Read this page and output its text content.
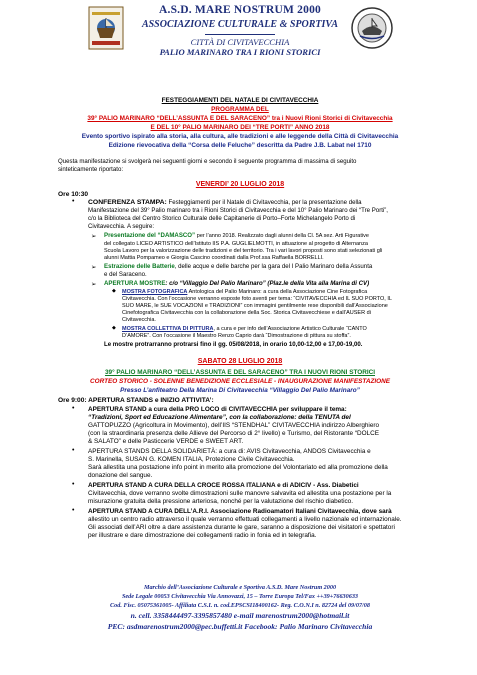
A.S.D. MARE NOSTRUM 2000
ASSOCIAZIONE CULTURALE & SPORTIVA
CITTÀ DI CIVITAVECCHIA
PALIO MARINARO TRA I RIONI STORICI
FESTEGGIAMENTI DEL NATALE DI CIVITAVECCHIA
PROGRAMMA DEL
39° PALIO MARINARO “DELL’ASSUNTA E DEL SARACENO” tra i Nuovi Rioni Storici di Civitavecchia
E DEL 10° PALIO MARINARO DEI “TRE PORTI” ANNO 2018
Evento sportivo ispirato alla storia, alla cultura, alle tradizioni e alle leggende della Città di Civitavecchia
Edizione rievocativa della “Corsa delle Feluche” descritta da Padre J.B. Labat nel 1710
Questa manifestazione si svolgerà nei seguenti giorni e secondo il seguente programma di massima di seguito
sinteticamente riportato:
VENERDI’ 20 LUGLIO 2018
Ore 10:30
• CONFERENZA STAMPA: Festeggiamenti per il Natale di Civitavecchia, per la presentazione della
Manifestazione del 39° Palio marinaro tra i Rioni Storici di Civitavecchia e del 10° Palio Marinaro dei “Tre Porti”,
c/o la Biblioteca del Centro Storico Culturale delle Capitanerie di Porto–Forte Michelangelo Porto di
Civitavecchia. A seguire:
➢ Presentazione del “DAMASCO” per l’anno 2018. Realizzato dagli alunni della Cl. 5A sez. Arti Figurative
del collegato LICEO ARTISTICO dell’Istituto IIS P.A. GUGLIELMOTTI, in attuazione al progetto di Alternanza
Scuola Lavoro per la valorizzazione delle tradizioni e del territorio. Tra i vari lavori proposti sono stati selezionati gli
alunni Mattia Pompameo e Giorgia Cascino coordinati dalla Prof.ssa Raffaella BORRELLI.
➢ Estrazione delle Batterie, delle acque e delle barche per la gara del I Palio Marinaro della Assunta
e del Saraceno.
➢ APERTURA MOSTRE: c/o “Villaggio Del Palio Marinaro” (Plaz.le della Vita alla Marina di CV)
◆ MOSTRA FOTOGRAFICA Antologica del Palio Marinaro: a cura della Associazione Cine Fotografica
Civitavecchia. Con l’occasione verranno esposte foto aventi per tema: “CIVITAVECCHIA ed IL SUO PORTO, IL
SUO MARE, le SUE VOCAZIONI e TRADIZIONI” con immagini gentilmente rese disponibili dall’Associazione
Cinefotografica Civitavecchia con la collaborazione della Soc. Storica Civitavecchiese e dall’AUSER di
Civitavecchia.
◆ MOSTRA COLLETTIVA DI PITTURA, a cura e per info dell’Associazione Artistico Culturale “CANTO
D’AMORE”. Con l’occasione il Maestro Renzo Caprio darà “Dimostrazione di pittura su stoffa”.
Le mostre protrarranno protrarsi fino il gg. 05/08/2018, in orario 10,00-12,00 e 17,00-19,00.
SABATO 28 LUGLIO 2018
39° PALIO MARINARO “DELL’ASSUNTA E DEL SARACENO” TRA I NUOVI RIONI STORICI
CORTEO STORICO - SOLENNE BENEDIZIONE ECCLESIALE - INAUGURAZIONE MANIFESTAZIONE
Presso L’anfiteatro Della Marina Di Civitavecchia “Villaggio Del Palio Marinaro”
Ore 9:00: APERTURA STANDS e INIZIO ATTIVITA’:
• APERTURA STAND a cura della PRO LOCO di CIVITAVECCHIA per sviluppare il tema:
“Tradizioni, Sport ed Educazione Alimentare”, con la collaborazione: della TENUTA del
GATTOPUZZO (Agricoltura in Movimento), dell’IIS “STENDHAL” CIVITAVECCHIA indirizzo Alberghiero
(con la straordinaria presenza delle Allieve del Percorso di 2° livello) e Turismo, del Ristorante “DOLCE
& SALATO” e delle Pasticcerie VERDE e SWEET ART.
• APERTURA STANDS DELLA SOLIDARIETÀ: a cura di: AVIS Civitavecchia, ANDOS Civitavecchia e
S. Marinella, SUSAN G. KOMEN ITALIA, Protezione Civile Civitavecchia.
Sarà allestita una postazione info point in merito alla promozione del Volontariato ed alla promozione della
donazione del sangue.
• APERTURA STAND A CURA DELLA CROCE ROSSA ITALIANA e di ADICIV - Ass. Diabetici
Civitavecchia, dove verranno svolte dimostrazioni sulle manovre salvavita ed allestita una postazione per la
misurazione gratuita della pressione arteriosa, nonché per la valutazione del rischio diabetico.
• APERTURA STAND A CURA DELL’A.R.I. Associazione Radioamatori Italiani Civitavecchia, dove sarà
allestito un centro radio attraverso il quale verranno effettuati collegamenti a livello nazionale ed internazionale.
Gli associati dell’ARI oltre a dare assistenza durante le gare, saranno a disposizione dei visitatori e spettatori
per illustrare e dare dimostrazione dei collegamenti radio in fonia ed in telegrafia.
Marchio dell’Associazione Culturale e Sportiva A.S.D. Mare Nostrum 2000
Sede Legale 00053 Civitavecchia Via Annovazzi, 15 – Torre Europa Tel/Fax ++39+76630633
Cod. Fisc. 05075361005- Affiliata C.S.I. n. cod.EPSCSI18400162- Reg. C.O.N.I n. 82724 del 09/07/08
n. cell. 3358444497-3395857480 e-mail marenostrum2000@hotmail.it
PEC: asdmarenostrum2000@pec.buffetti.it Facebook: Palio Marinaro Civitavecchia
